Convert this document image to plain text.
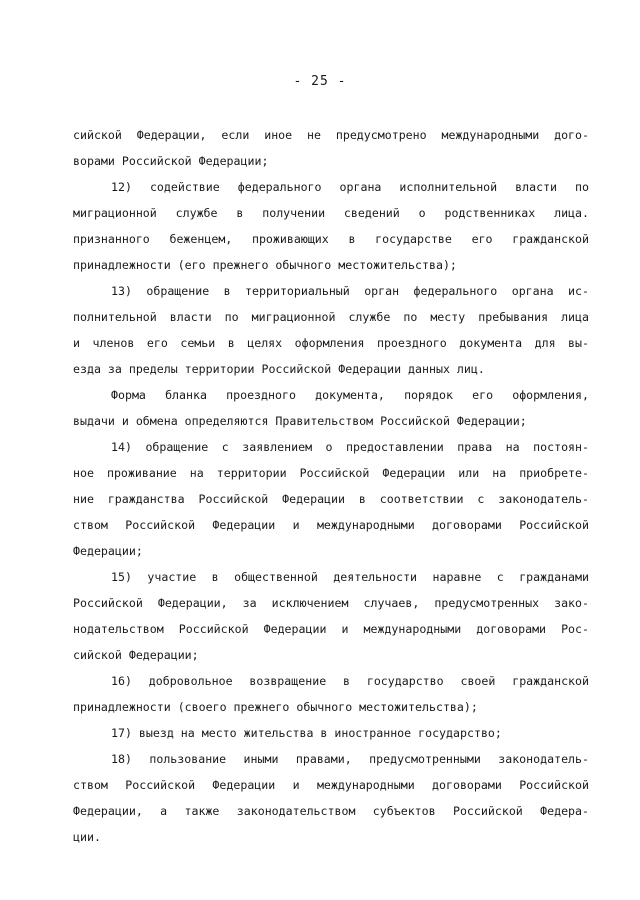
- 25 -
сийской Федерации, если иное не предусмотрено международными дого-
ворами Российской Федерации;
12) содействие федерального органа исполнительной власти по
миграционной службе в получении сведений о родственниках лица.
признанного беженцем, проживающих в государстве его гражданской
принадлежности (его прежнего обычного местожительства);
13) обращение в территориальный орган федерального органа ис-
полнительной власти по миграционной службе по месту пребывания лица
и членов его семьи в целях оформления проездного документа для вы-
езда за пределы территории Российской Федерации данных лиц.
Форма бланка проездного документа, порядок его оформления,
выдачи и обмена определяются Правительством Российской Федерации;
14) обращение с заявлением о предоставлении права на постоян-
ное проживание на территории Российской Федерации или на приобрете-
ние гражданства Российской Федерации в соответствии с законодатель-
ством Российской Федерации и международными договорами Российской
Федерации;
15) участие в общественной деятельности наравне с гражданами
Российской Федерации, за исключением случаев, предусмотренных зако-
нодательством Российской Федерации и международными договорами Рос-
сийской Федерации;
16) добровольное возвращение в государство своей гражданской
принадлежности (своего прежнего обычного местожительства);
17) выезд на место жительства в иностранное государство;
18) пользование иными правами, предусмотренными законодатель-
ством Российской Федерации и международными договорами Российской
Федерации, а также законодательством субъектов Российской Федера-
ции.
